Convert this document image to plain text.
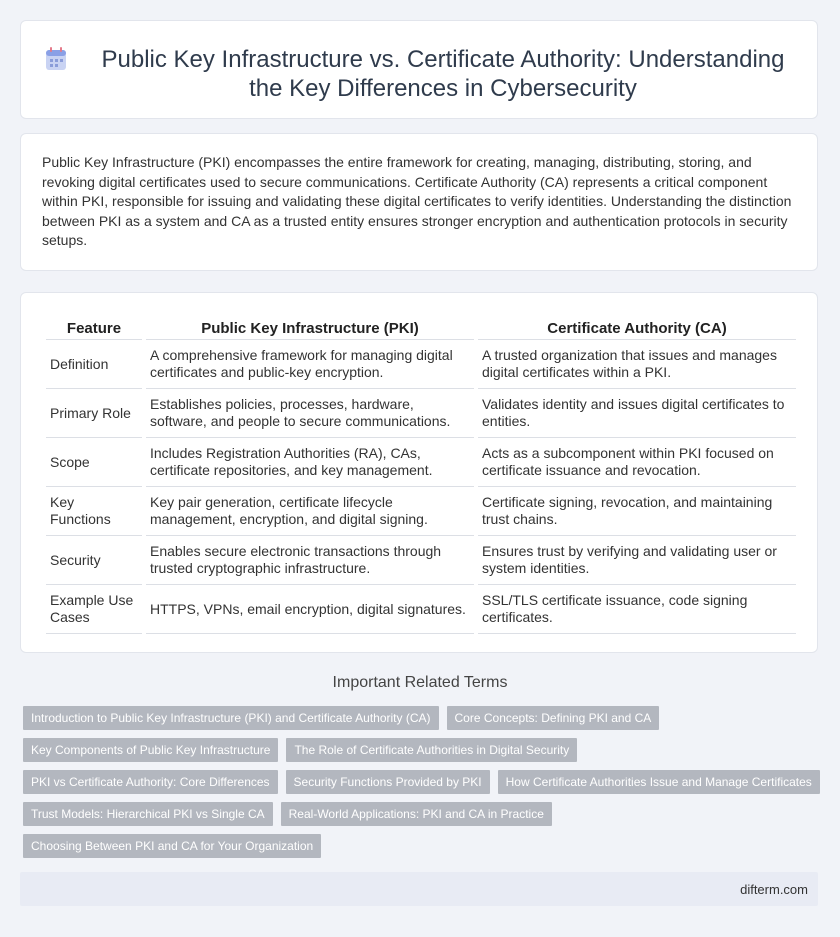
Public Key Infrastructure vs. Certificate Authority: Understanding the Key Differences in Cybersecurity

Public Key Infrastructure (PKI) encompasses the entire framework for creating, managing, distributing, storing, and revoking digital certificates used to secure communications. Certificate Authority (CA) represents a critical component within PKI, responsible for issuing and validating these digital certificates to verify identities. Understanding the distinction between PKI as a system and CA as a trusted entity ensures stronger encryption and authentication protocols in security setups.

Feature	Public Key Infrastructure (PKI)	Certificate Authority (CA)
Definition	A comprehensive framework for managing digital certificates and public-key encryption.	A trusted organization that issues and manages digital certificates within a PKI.
Primary Role	Establishes policies, processes, hardware, software, and people to secure communications.	Validates identity and issues digital certificates to entities.
Scope	Includes Registration Authorities (RA), CAs, certificate repositories, and key management.	Acts as a subcomponent within PKI focused on certificate issuance and revocation.
Key Functions	Key pair generation, certificate lifecycle management, encryption, and digital signing.	Certificate signing, revocation, and maintaining trust chains.
Security	Enables secure electronic transactions through trusted cryptographic infrastructure.	Ensures trust by verifying and validating user or system identities.
Example Use Cases	HTTPS, VPNs, email encryption, digital signatures.	SSL/TLS certificate issuance, code signing certificates.
Important Related Terms
Introduction to Public Key Infrastructure (PKI) and Certificate Authority (CA)	Core Concepts: Defining PKI and CA
Key Components of Public Key Infrastructure	The Role of Certificate Authorities in Digital Security
PKI vs Certificate Authority: Core Differences	Security Functions Provided by PKI	How Certificate Authorities Issue and Manage Certificates
Trust Models: Hierarchical PKI vs Single CA	Real-World Applications: PKI and CA in Practice
Choosing Between PKI and CA for Your Organization
difterm.com
